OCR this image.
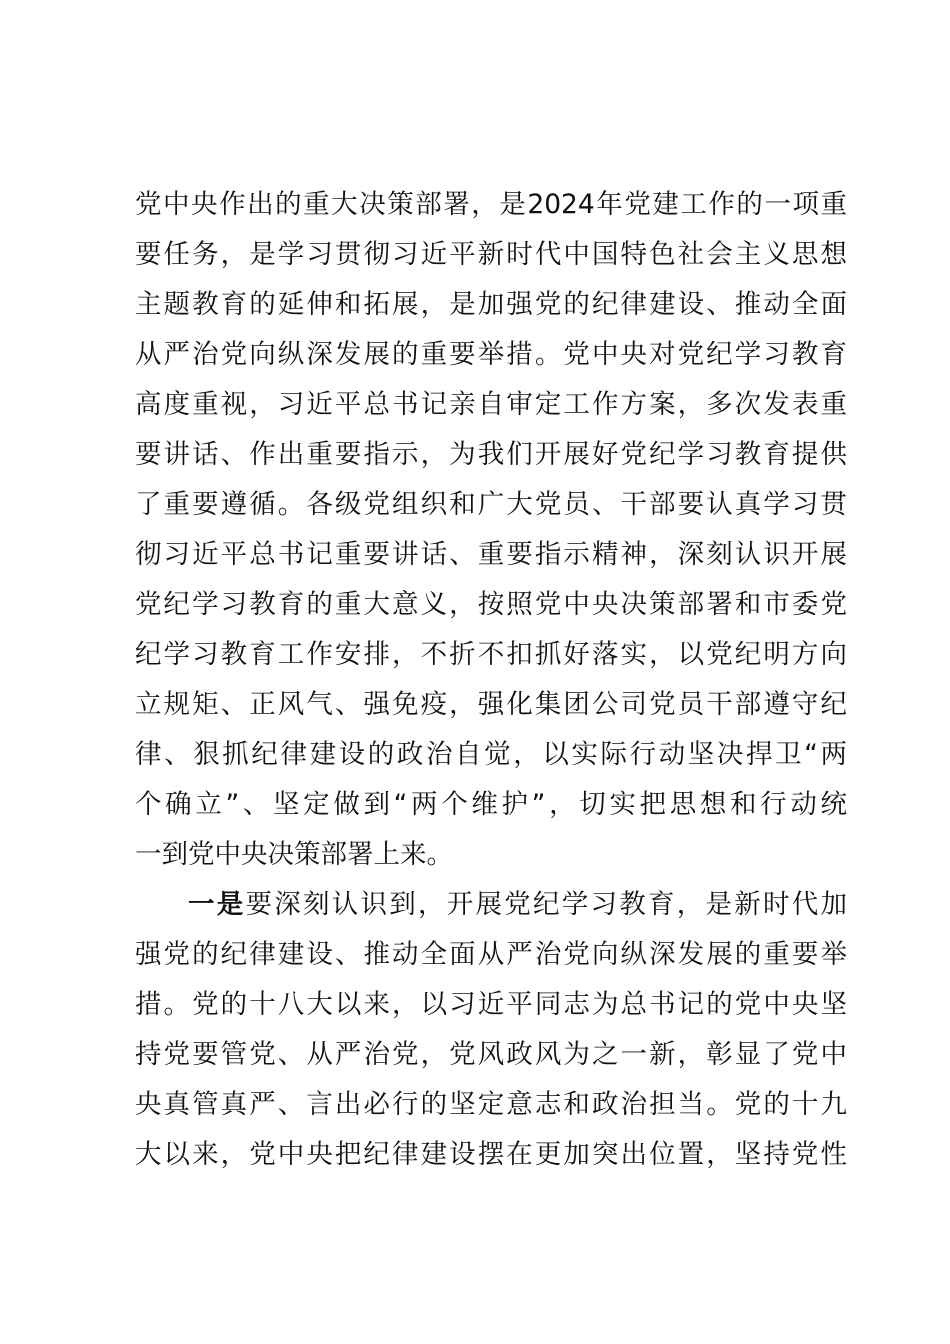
党中央作出的重大决策部署，是2024年党建工作的一项重
要任务，是学习贯彻习近平新时代中国特色社会主义思想
主题教育的延伸和拓展，是加强党的纪律建设、推动全面
从严治党向纵深发展的重要举措。党中央对党纪学习教育
高度重视，习近平总书记亲自审定工作方案，多次发表重
要讲话、作出重要指示，为我们开展好党纪学习教育提供
了重要遵循。各级党组织和广大党员、干部要认真学习贯
彻习近平总书记重要讲话、重要指示精神，深刻认识开展
党纪学习教育的重大意义，按照党中央决策部署和市委党
纪学习教育工作安排，不折不扣抓好落实，以党纪明方向
立规矩、正风气、强免疫，强化集团公司党员干部遵守纪
律、狠抓纪律建设的政治自觉，以实际行动坚决捍卫“两
个确立”、坚定做到“两个维护”，切实把思想和行动统
一到党中央决策部署上来。
一是要深刻认识到，开展党纪学习教育，是新时代加
强党的纪律建设、推动全面从严治党向纵深发展的重要举
措。党的十八大以来，以习近平同志为总书记的党中央坚
持党要管党、从严治党，党风政风为之一新，彰显了党中
央真管真严、言出必行的坚定意志和政治担当。党的十九
大以来，党中央把纪律建设摆在更加突出位置，坚持党性
